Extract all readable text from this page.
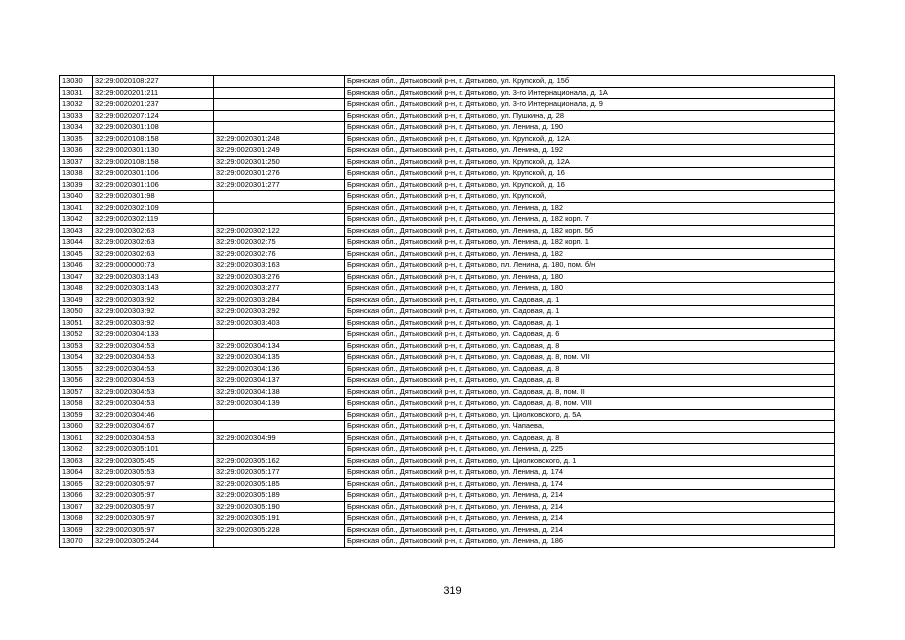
13030	32:29:0020108:227		Брянская обл., Дятьковский р-н, г. Дятьково, ул. Крупской, д. 15б
13031	32:29:0020201:211		Брянская обл., Дятьковский р-н, г. Дятьково, ул. 3-го Интернационала, д. 1А
13032	32:29:0020201:237		Брянская обл., Дятьковский р-н, г. Дятьково, ул. 3-го Интернационала, д. 9
13033	32:29:0020207:124		Брянская обл., Дятьковский р-н, г. Дятьково, ул. Пушкина, д. 28
13034	32:29:0020301:108		Брянская обл., Дятьковский р-н, г. Дятьково, ул. Ленина, д. 190
13035	32:29:0020108:158	32:29:0020301:248	Брянская обл., Дятьковский р-н, г. Дятьково, ул. Крупской, д. 12А
13036	32:29:0020301:130	32:29:0020301:249	Брянская обл., Дятьковский р-н, г. Дятьково, ул. Ленина, д. 192
13037	32:29:0020108:158	32:29:0020301:250	Брянская обл., Дятьковский р-н, г. Дятьково, ул. Крупской, д. 12А
13038	32:29:0020301:106	32:29:0020301:276	Брянская обл., Дятьковский р-н, г. Дятьково, ул. Крупской, д. 16
13039	32:29:0020301:106	32:29:0020301:277	Брянская обл., Дятьковский р-н, г. Дятьково, ул. Крупской, д. 16
13040	32:29:0020301:98		Брянская обл., Дятьковский р-н, г. Дятьково, ул. Крупской,
13041	32:29:0020302:109		Брянская обл., Дятьковский р-н, г. Дятьково, ул. Ленина, д. 182
13042	32:29:0020302:119		Брянская обл., Дятьковский р-н, г. Дятьково, ул. Ленина, д. 182 корп. 7
13043	32:29:0020302:63	32:29:0020302:122	Брянская обл., Дятьковский р-н, г. Дятьково, ул. Ленина, д. 182 корп. 5б
13044	32:29:0020302:63	32:29:0020302:75	Брянская обл., Дятьковский р-н, г. Дятьково, ул. Ленина, д. 182 корп. 1
13045	32:29:0020302:63	32:29:0020302:76	Брянская обл., Дятьковский р-н, г. Дятьково, ул. Ленина, д. 182
13046	32:29:0000000:73	32:29:0020303:163	Брянская обл., Дятьковский р-н, г. Дятьково, пл. Ленина, д. 180, пом. б/н
13047	32:29:0020303:143	32:29:0020303:276	Брянская обл., Дятьковский р-н, г. Дятьково, ул. Ленина, д. 180
13048	32:29:0020303:143	32:29:0020303:277	Брянская обл., Дятьковский р-н, г. Дятьково, ул. Ленина, д. 180
13049	32:29:0020303:92	32:29:0020303:284	Брянская обл., Дятьковский р-н, г. Дятьково, ул. Садовая, д. 1
13050	32:29:0020303:92	32:29:0020303:292	Брянская обл., Дятьковский р-н, г. Дятьково, ул. Садовая, д. 1
13051	32:29:0020303:92	32:29:0020303:403	Брянская обл., Дятьковский р-н, г. Дятьково, ул. Садовая, д. 1
13052	32:29:0020304:133		Брянская обл., Дятьковский р-н, г. Дятьково, ул. Садовая, д. 6
13053	32:29:0020304:53	32:29:0020304:134	Брянская обл., Дятьковский р-н, г. Дятьково, ул. Садовая, д. 8
13054	32:29:0020304:53	32:29:0020304:135	Брянская обл., Дятьковский р-н, г. Дятьково, ул. Садовая, д. 8, пом. VII
13055	32:29:0020304:53	32:29:0020304:136	Брянская обл., Дятьковский р-н, г. Дятьково, ул. Садовая, д. 8
13056	32:29:0020304:53	32:29:0020304:137	Брянская обл., Дятьковский р-н, г. Дятьково, ул. Садовая, д. 8
13057	32:29:0020304:53	32:29:0020304:138	Брянская обл., Дятьковский р-н, г. Дятьково, ул. Садовая, д. 8, пом. II
13058	32:29:0020304:53	32:29:0020304:139	Брянская обл., Дятьковский р-н, г. Дятьково, ул. Садовая, д. 8, пом. VIII
13059	32:29:0020304:46		Брянская обл., Дятьковский р-н, г. Дятьково, ул. Циолковского, д. 5А
13060	32:29:0020304:67		Брянская обл., Дятьковский р-н, г. Дятьково, ул. Чапаева,
13061	32:29:0020304:53	32:29:0020304:99	Брянская обл., Дятьковский р-н, г. Дятьково, ул. Садовая, д. 8
13062	32:29:0020305:101		Брянская обл., Дятьковский р-н, г. Дятьково, ул. Ленина, д. 225
13063	32:29:0020305:45	32:29:0020305:162	Брянская обл., Дятьковский р-н, г. Дятьково, ул. Циолковского, д. 1
13064	32:29:0020305:53	32:29:0020305:177	Брянская обл., Дятьковский р-н, г. Дятьково, ул. Ленина, д. 174
13065	32:29:0020305:97	32:29:0020305:185	Брянская обл., Дятьковский р-н, г. Дятьково, ул. Ленина, д. 174
13066	32:29:0020305:97	32:29:0020305:189	Брянская обл., Дятьковский р-н, г. Дятьково, ул. Ленина, д. 214
13067	32:29:0020305:97	32:29:0020305:190	Брянская обл., Дятьковский р-н, г. Дятьково, ул. Ленина, д. 214
13068	32:29:0020305:97	32:29:0020305:191	Брянская обл., Дятьковский р-н, г. Дятьково, ул. Ленина, д. 214
13069	32:29:0020305:97	32:29:0020305:228	Брянская обл., Дятьковский р-н, г. Дятьково, ул. Ленина, д. 214
13070	32:29:0020305:244		Брянская обл., Дятьковский р-н, г. Дятьково, ул. Ленина, д. 186
319
